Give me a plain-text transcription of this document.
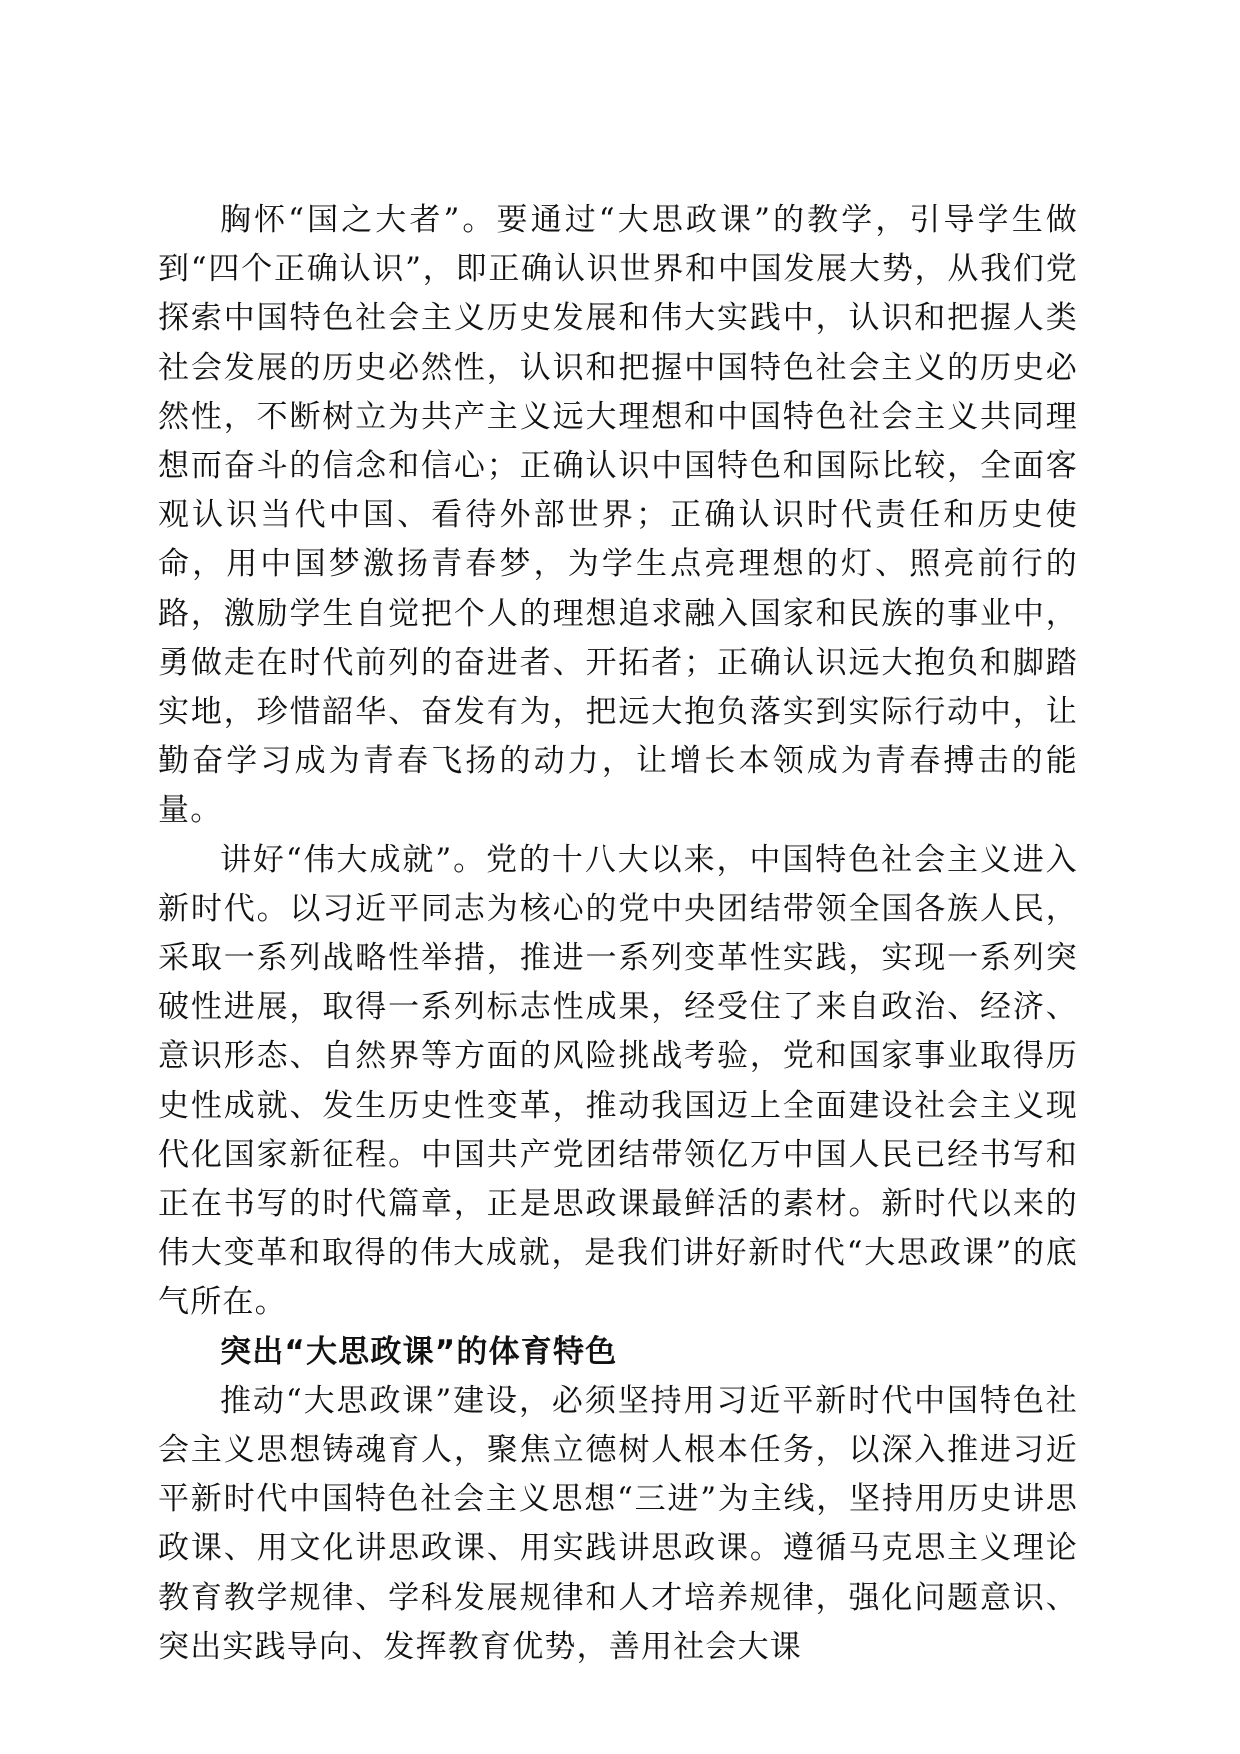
胸怀“国之大者”。要通过“大思政课”的教学，引导学生做到“四个正确认识”，即正确认识世界和中国发展大势，从我们党探索中国特色社会主义历史发展和伟大实践中，认识和把握人类社会发展的历史必然性，认识和把握中国特色社会主义的历史必然性，不断树立为共产主义远大理想和中国特色社会主义共同理想而奋斗的信念和信心；正确认识中国特色和国际比较，全面客观认识当代中国、看待外部世界；正确认识时代责任和历史使命，用中国梦激扬青春梦，为学生点亮理想的灯、照亮前行的路，激励学生自觉把个人的理想追求融入国家和民族的事业中，勇做走在时代前列的奋进者、开拓者；正确认识远大抱负和脚踏实地，珍惜韶华、奋发有为，把远大抱负落实到实际行动中，让勤奋学习成为青春飞扬的动力，让增长本领成为青春搏击的能量。

讲好“伟大成就”。党的十八大以来，中国特色社会主义进入新时代。以习近平同志为核心的党中央团结带领全国各族人民，采取一系列战略性举措，推进一系列变革性实践，实现一系列突破性进展，取得一系列标志性成果，经受住了来自政治、经济、意识形态、自然界等方面的风险挑战考验，党和国家事业取得历史性成就、发生历史性变革，推动我国迈上全面建设社会主义现代化国家新征程。中国共产党团结带领亿万中国人民已经书写和正在书写的时代篇章，正是思政课最鲜活的素材。新时代以来的伟大变革和取得的伟大成就，是我们讲好新时代“大思政课”的底气所在。

突出“大思政课”的体育特色

推动“大思政课”建设，必须坚持用习近平新时代中国特色社会主义思想铸魂育人，聚焦立德树人根本任务，以深入推进习近平新时代中国特色社会主义思想“三进”为主线，坚持用历史讲思政课、用文化讲思政课、用实践讲思政课。遵循马克思主义理论教育教学规律、学科发展规律和人才培养规律，强化问题意识、突出实践导向、发挥教育优势，善用社会大课
